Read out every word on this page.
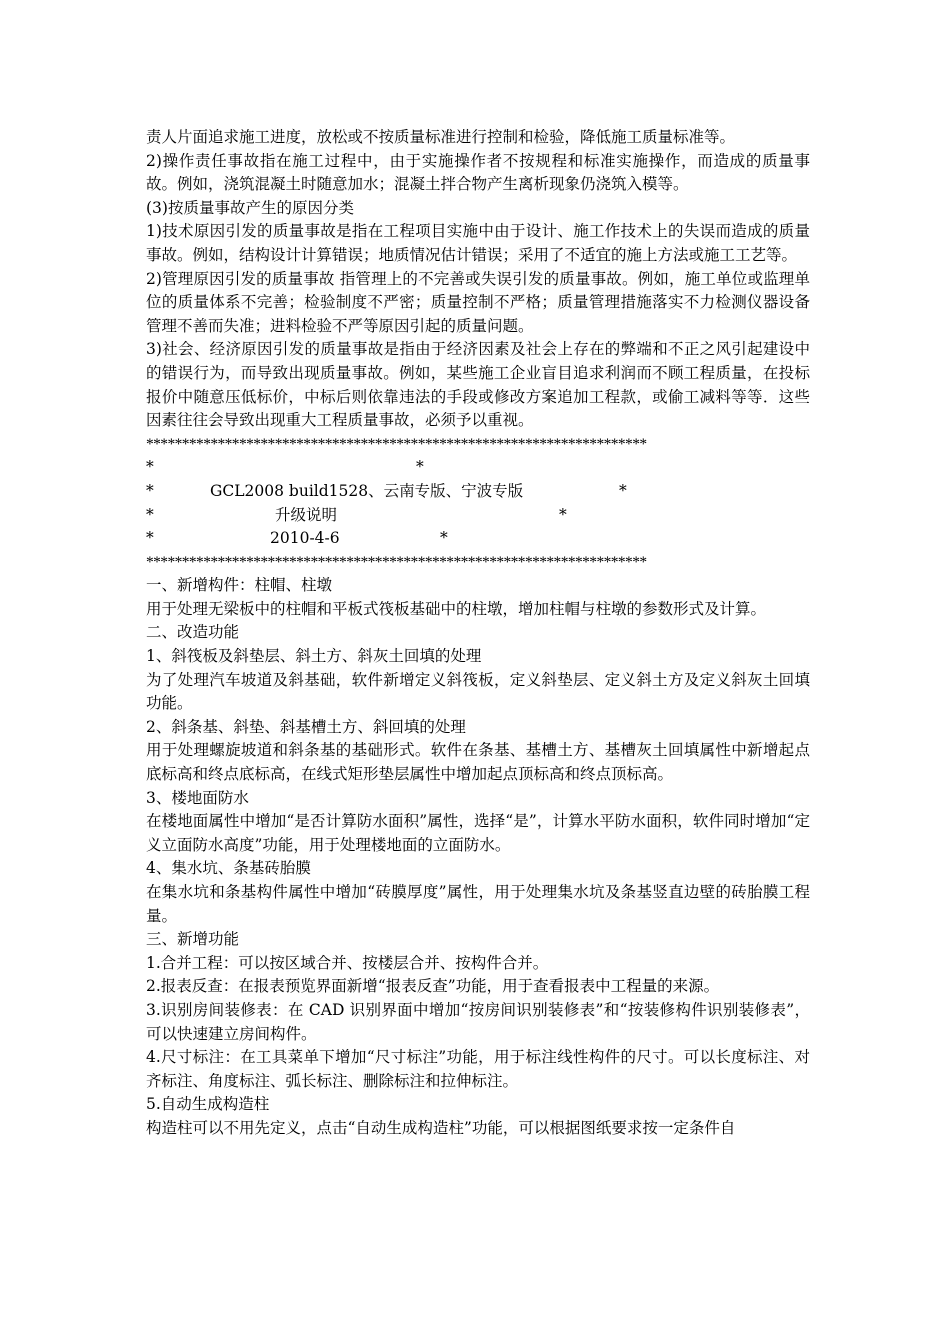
责人片面追求施工进度，放松或不按质量标准进行控制和检验，降低施工质量标准等。
2)操作责任事故指在施工过程中，由于实施操作者不按规程和标准实施操作，而造成的质量事故。例如，浇筑混凝土时随意加水；混凝土拌合物产生离析现象仍浇筑入模等。
(3)按质量事故产生的原因分类
1)技术原因引发的质量事故是指在工程项目实施中由于设计、施工作技术上的失误而造成的质量事故。例如，结构设计计算错误；地质情况估计错误；采用了不适宜的施上方法或施工工艺等。
2)管理原因引发的质量事故 指管理上的不完善或失误引发的质量事故。例如，施工单位或监理单位的质量体系不完善；检验制度不严密；质量控制不严格；质量管理措施落实不力检测仪器设备管理不善而失准；进料检验不严等原因引起的质量问题。
3)社会、经济原因引发的质量事故是指由于经济因素及社会上存在的弊端和不正之风引起建设中的错误行为，而导致出现质量事故。例如，某些施工企业盲目追求利润而不顾工程质量，在投标报价中随意压低标价，中标后则依靠违法的手段或修改方案追加工程款，或偷工减料等等．这些因素往往会导致出现重大工程质量事故，必须予以重视。
**********************************************************************
*	*
*	GCL2008 build1528、云南专版、宁波专版	*
*	升级说明	*
*	2010-4-6	*
**********************************************************************
一、新增构件：柱帽、柱墩
用于处理无梁板中的柱帽和平板式筏板基础中的柱墩，增加柱帽与柱墩的参数形式及计算。
二、改造功能
1、斜筏板及斜垫层、斜土方、斜灰土回填的处理
为了处理汽车坡道及斜基础，软件新增定义斜筏板，定义斜垫层、定义斜土方及定义斜灰土回填功能。
2、斜条基、斜垫、斜基槽土方、斜回填的处理
用于处理螺旋坡道和斜条基的基础形式。软件在条基、基槽土方、基槽灰土回填属性中新增起点底标高和终点底标高，在线式矩形垫层属性中增加起点顶标高和终点顶标高。
3、楼地面防水
在楼地面属性中增加“是否计算防水面积”属性，选择“是”，计算水平防水面积，软件同时增加“定义立面防水高度”功能，用于处理楼地面的立面防水。
4、集水坑、条基砖胎膜
在集水坑和条基构件属性中增加“砖膜厚度”属性，用于处理集水坑及条基竖直边壁的砖胎膜工程量。
三、新增功能
1.合并工程：可以按区域合并、按楼层合并、按构件合并。
2.报表反查：在报表预览界面新增“报表反查”功能，用于查看报表中工程量的来源。
3.识别房间装修表：在 CAD 识别界面中增加“按房间识别装修表”和“按装修构件识别装修表”，可以快速建立房间构件。
4.尺寸标注：在工具菜单下增加“尺寸标注”功能，用于标注线性构件的尺寸。可以长度标注、对齐标注、角度标注、弧长标注、删除标注和拉伸标注。
5.自动生成构造柱
构造柱可以不用先定义，点击“自动生成构造柱”功能，可以根据图纸要求按一定条件自
